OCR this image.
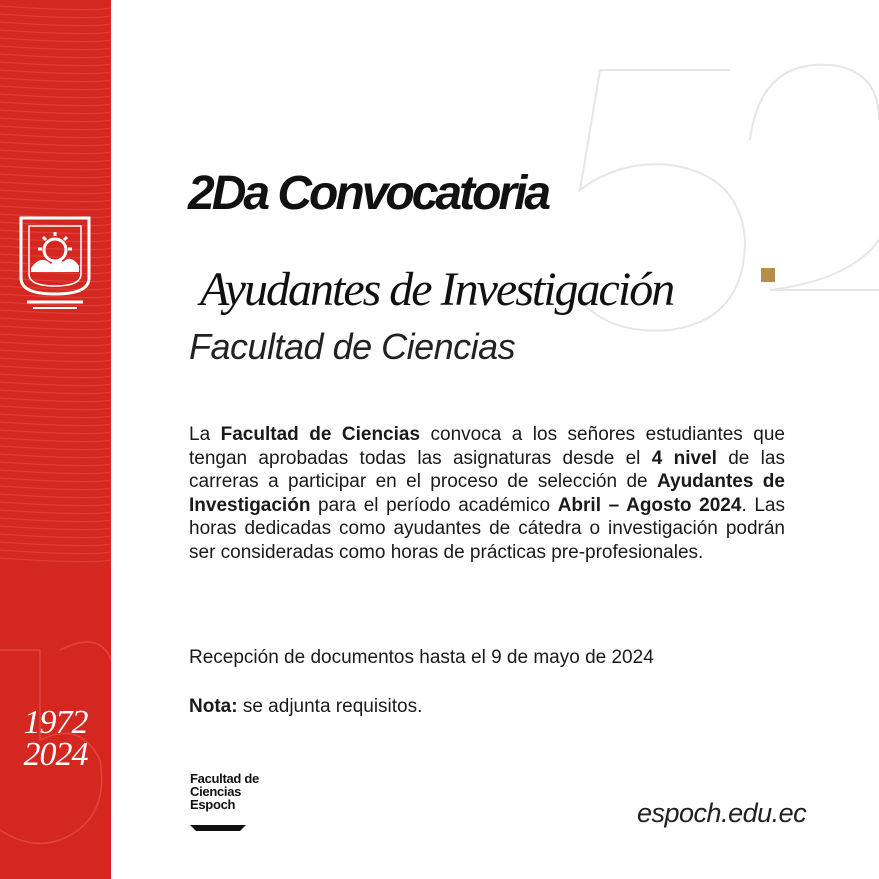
1972
2024
2Da Convocatoria
Ayudantes de Investigación
Facultad de Ciencias

La Facultad de Ciencias convoca a los señores estudiantes que tengan aprobadas todas las asignaturas desde el 4 nivel de las carreras a participar en el proceso de selección de Ayudantes de Investigación para el período académico Abril – Agosto 2024. Las horas dedicadas como ayudantes de cátedra o investigación podrán ser consideradas como horas de prácticas pre-profesionales.

Recepción de documentos hasta el 9 de mayo de 2024
Nota: se adjunta requisitos.
Facultad de
Ciencias
Espoch	espoch.edu.ec
